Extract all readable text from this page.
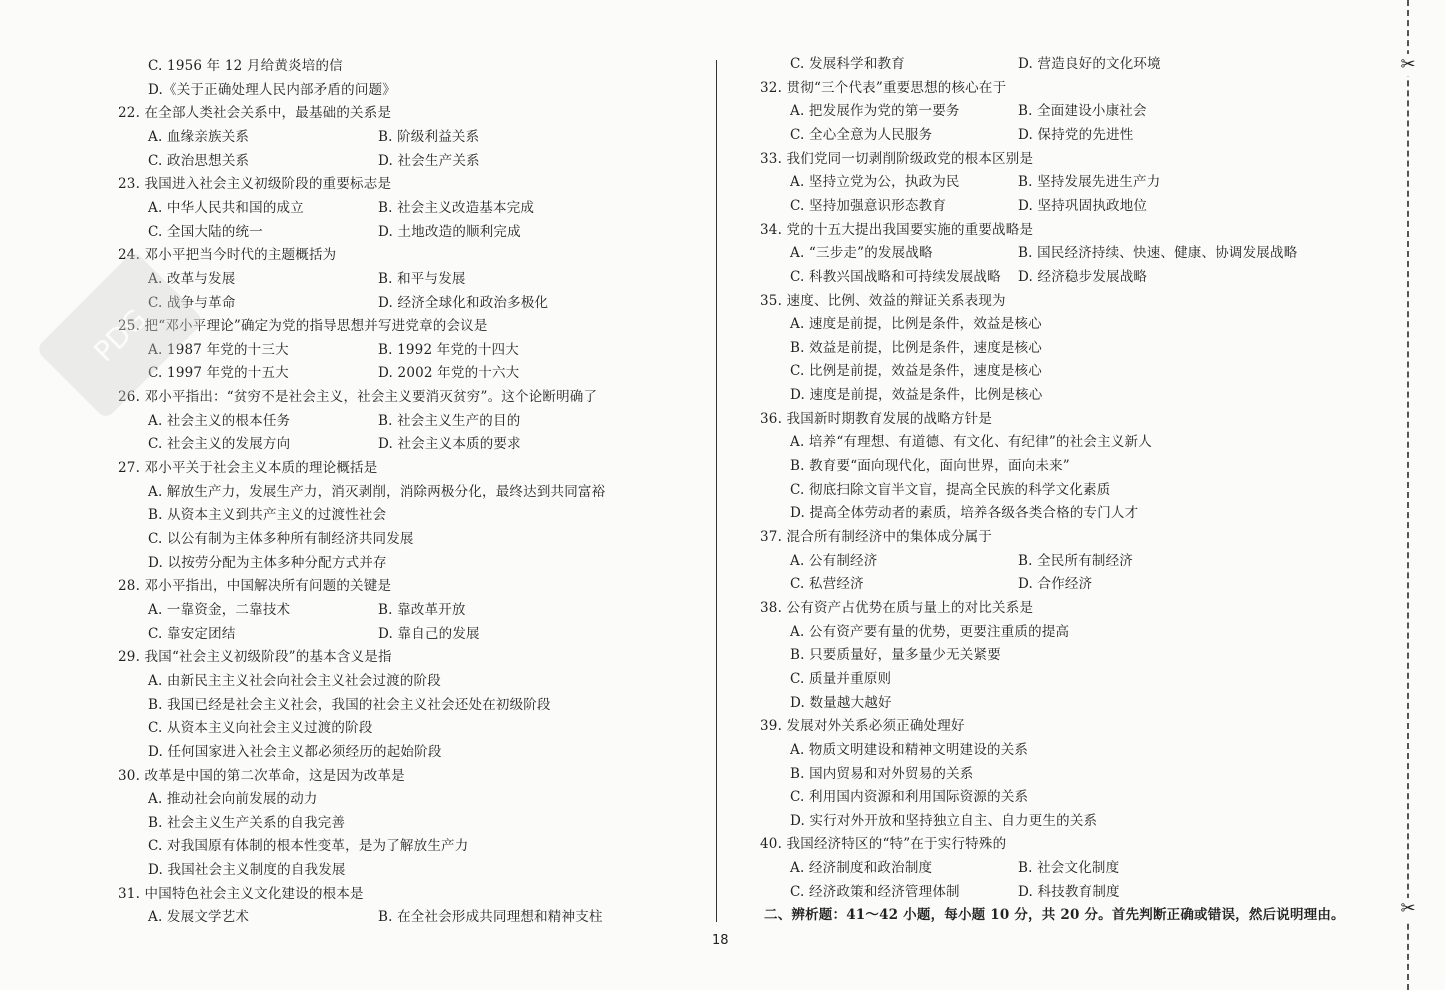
C. 1956 年 12 月给黄炎培的信
D.《关于正确处理人民内部矛盾的问题》
22. 在全部人类社会关系中，最基础的关系是
A. 血缘亲族关系	B. 阶级利益关系
C. 政治思想关系	D. 社会生产关系
23. 我国进入社会主义初级阶段的重要标志是
A. 中华人民共和国的成立	B. 社会主义改造基本完成
C. 全国大陆的统一	D. 土地改造的顺利完成
24. 邓小平把当今时代的主题概括为
A. 改革与发展	B. 和平与发展
C. 战争与革命	D. 经济全球化和政治多极化
25. 把“邓小平理论”确定为党的指导思想并写进党章的会议是
A. 1987 年党的十三大	B. 1992 年党的十四大
C. 1997 年党的十五大	D. 2002 年党的十六大
26. 邓小平指出：“贫穷不是社会主义，社会主义要消灭贫穷”。这个论断明确了
A. 社会主义的根本任务	B. 社会主义生产的目的
C. 社会主义的发展方向	D. 社会主义本质的要求
27. 邓小平关于社会主义本质的理论概括是
A. 解放生产力，发展生产力，消灭剥削，消除两极分化，最终达到共同富裕
B. 从资本主义到共产主义的过渡性社会
C. 以公有制为主体多种所有制经济共同发展
D. 以按劳分配为主体多种分配方式并存
28. 邓小平指出，中国解决所有问题的关键是
A. 一靠资金，二靠技术	B. 靠改革开放
C. 靠安定团结	D. 靠自己的发展
29. 我国“社会主义初级阶段”的基本含义是指
A. 由新民主主义社会向社会主义社会过渡的阶段
B. 我国已经是社会主义社会，我国的社会主义社会还处在初级阶段
C. 从资本主义向社会主义过渡的阶段
D. 任何国家进入社会主义都必须经历的起始阶段
30. 改革是中国的第二次革命，这是因为改革是
A. 推动社会向前发展的动力
B. 社会主义生产关系的自我完善
C. 对我国原有体制的根本性变革，是为了解放生产力
D. 我国社会主义制度的自我发展
31. 中国特色社会主义文化建设的根本是
A. 发展文学艺术	B. 在全社会形成共同理想和精神支柱
C. 发展科学和教育	D. 营造良好的文化环境
32. 贯彻“三个代表”重要思想的核心在于
A. 把发展作为党的第一要务	B. 全面建设小康社会
C. 全心全意为人民服务	D. 保持党的先进性
33. 我们党同一切剥削阶级政党的根本区别是
A. 坚持立党为公，执政为民	B. 坚持发展先进生产力
C. 坚持加强意识形态教育	D. 坚持巩固执政地位
34. 党的十五大提出我国要实施的重要战略是
A. “三步走”的发展战略	B. 国民经济持续、快速、健康、协调发展战略
C. 科教兴国战略和可持续发展战略 D. 经济稳步发展战略
35. 速度、比例、效益的辩证关系表现为
A. 速度是前提，比例是条件，效益是核心
B. 效益是前提，比例是条件，速度是核心
C. 比例是前提，效益是条件，速度是核心
D. 速度是前提，效益是条件，比例是核心
36. 我国新时期教育发展的战略方针是
A. 培养“有理想、有道德、有文化、有纪律”的社会主义新人
B. 教育要“面向现代化，面向世界，面向未来”
C. 彻底扫除文盲半文盲，提高全民族的科学文化素质
D. 提高全体劳动者的素质，培养各级各类合格的专门人才
37. 混合所有制经济中的集体成分属于
A. 公有制经济	B. 全民所有制经济
C. 私营经济	D. 合作经济
38. 公有资产占优势在质与量上的对比关系是
A. 公有资产要有量的优势，更要注重质的提高
B. 只要质量好，量多量少无关紧要
C. 质量并重原则
D. 数量越大越好
39. 发展对外关系必须正确处理好
A. 物质文明建设和精神文明建设的关系
B. 国内贸易和对外贸易的关系
C. 利用国内资源和利用国际资源的关系
D. 实行对外开放和坚持独立自主、自力更生的关系
40. 我国经济特区的“特”在于实行特殊的
A. 经济制度和政治制度	B. 社会文化制度
C. 经济政策和经济管理体制	D. 科技教育制度
二、辨析题：41～42 小题，每小题 10 分，共 20 分。首先判断正确或错误，然后说明理由。
18
✂
✂
PDG
